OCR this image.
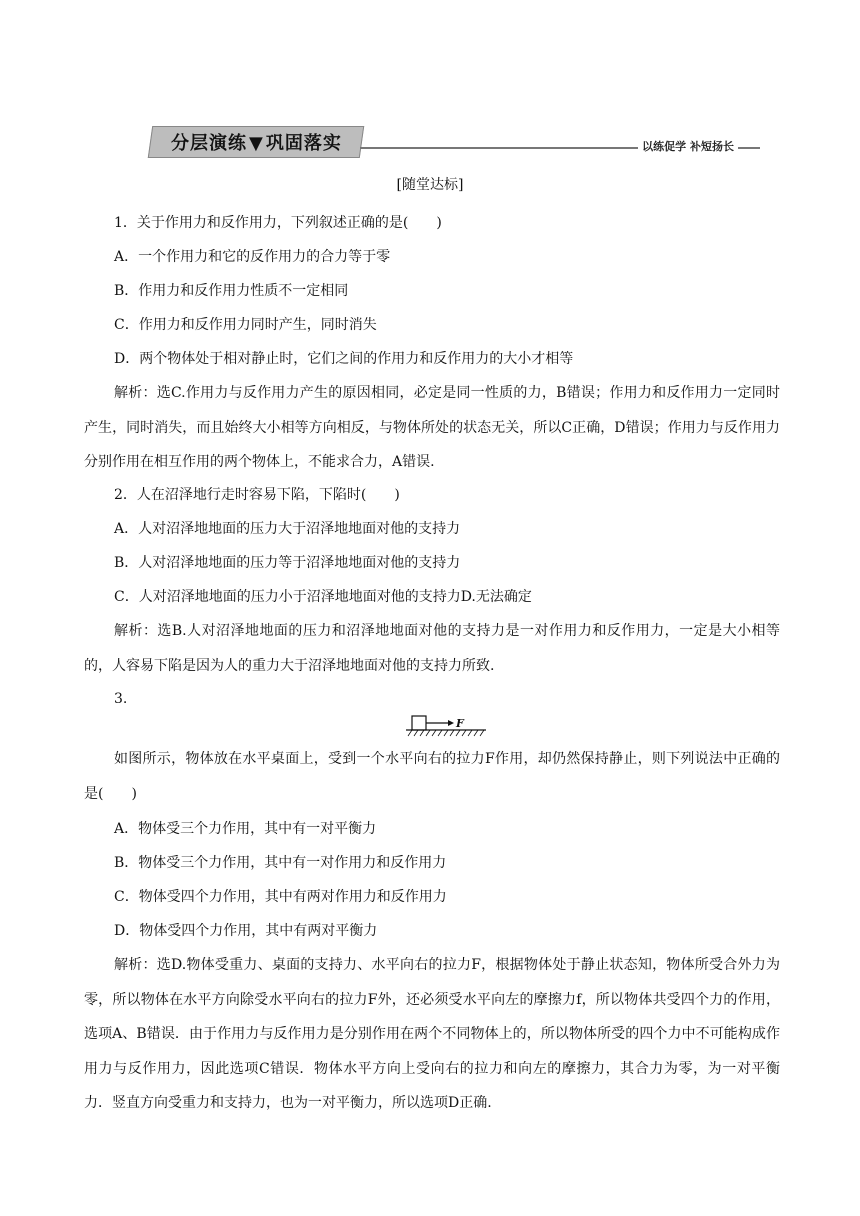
分层演练 ▼ 巩固落实	以练促学 补短扬长
[随堂达标]
1．关于作用力和反作用力，下列叙述正确的是(　　)
A．一个作用力和它的反作用力的合力等于零
B．作用力和反作用力性质不一定相同
C．作用力和反作用力同时产生，同时消失
D．两个物体处于相对静止时，它们之间的作用力和反作用力的大小才相等
解析：选C.作用力与反作用力产生的原因相同，必定是同一性质的力，B错误；作用力和反作用力一定同时产生，同时消失，而且始终大小相等方向相反，与物体所处的状态无关，所以C正确，D错误；作用力与反作用力分别作用在相互作用的两个物体上，不能求合力，A错误.
2．人在沼泽地行走时容易下陷，下陷时(　　)
A．人对沼泽地地面的压力大于沼泽地地面对他的支持力
B．人对沼泽地地面的压力等于沼泽地地面对他的支持力
C．人对沼泽地地面的压力小于沼泽地地面对他的支持力D.无法确定
解析：选B.人对沼泽地地面的压力和沼泽地地面对他的支持力是一对作用力和反作用力，一定是大小相等的，人容易下陷是因为人的重力大于沼泽地地面对他的支持力所致.
3.
F
如图所示，物体放在水平桌面上，受到一个水平向右的拉力F作用，却仍然保持静止，则下列说法中正确的是(　　)
A．物体受三个力作用，其中有一对平衡力
B．物体受三个力作用，其中有一对作用力和反作用力
C．物体受四个力作用，其中有两对作用力和反作用力
D．物体受四个力作用，其中有两对平衡力
解析：选D.物体受重力、桌面的支持力、水平向右的拉力F，根据物体处于静止状态知，物体所受合外力为零，所以物体在水平方向除受水平向右的拉力F外，还必须受水平向左的摩擦力f，所以物体共受四个力的作用，选项A、B错误．由于作用力与反作用力是分别作用在两个不同物体上的，所以物体所受的四个力中不可能构成作用力与反作用力，因此选项C错误．物体水平方向上受向右的拉力和向左的摩擦力，其合力为零，为一对平衡力．竖直方向受重力和支持力，也为一对平衡力，所以选项D正确.
